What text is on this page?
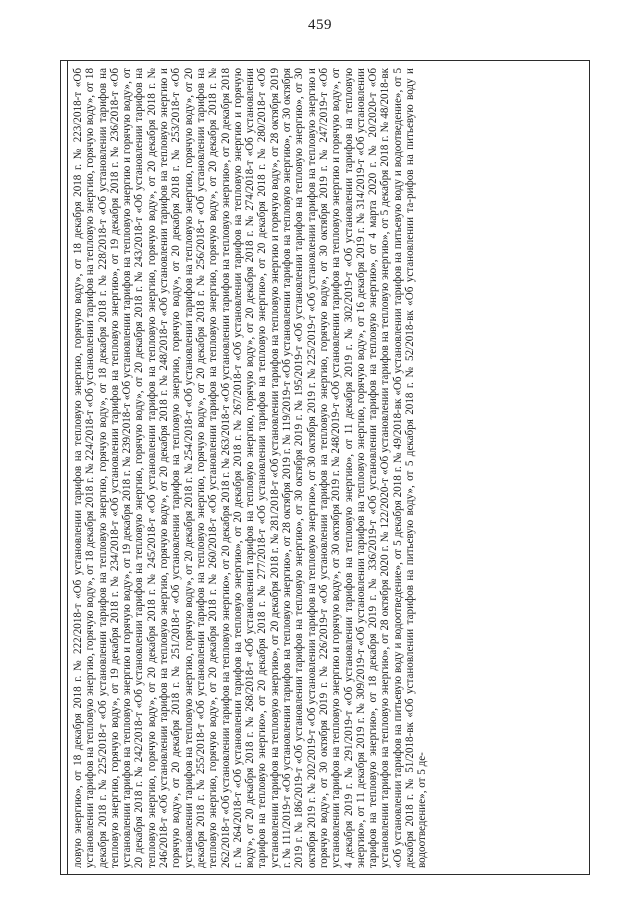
459

ловую энергию», от 18 декабря 2018 г. № 222/2018-т «Об установлении тарифов на тепловую энергию, горячую воду», от 18 декабря 2018 г. № 223/2018-т «Об установлении тарифов на тепловую энергию, горячую воду», от 18 декабря 2018 г. № 224/2018-т «Об установлении тарифов на тепловую энергию, горячую воду», от 18 декабря 2018 г. № 225/2018-т «Об установлении тарифов на тепловую энергию, горячую воду», от 18 декабря 2018 г. № 228/2018-т «Об установлении тарифов на тепловую энергию, горячую воду», от 19 декабря 2018 г. № 234/2018-т «Об установлении тарифов на тепловую энергию», от 19 декабря 2018 г. № 236/2018-т «Об установлении тарифов на тепловую энергию и горячую воду», от 19 декабря 2018 г. № 239/2018-т «Об установлении тарифов на тепловую энергию и горячую воду», от 20 декабря 2018 г. № 242/2018-т «Об установлении тарифов на тепловую энергию, горячую воду», от 20 декабря 2018 г. № 243/2018-т «Об установлении тарифов на тепловую энергию, горячую воду», от 20 декабря 2018 г. № 245/2018-т «Об установлении тарифов на тепловую энергию, горячую воду», от 20 декабря 2018 г. № 246/2018-т «Об установлении тарифов на тепловую энергию, горячую воду», от 20 декабря 2018 г. № 248/2018-т «Об установлении тарифов на тепловую энергию и горячую воду», от 20 декабря 2018 г. № 251/2018-т «Об установлении тарифов на тепловую энергию, горячую воду», от 20 декабря 2018 г. № 253/2018-т «Об установлении тарифов на тепловую энергию, горячую воду», от 20 декабря 2018 г. № 254/2018-т «Об установлении тарифов на тепловую энергию, горячую воду», от 20 декабря 2018 г. № 255/2018-т «Об установлении тарифов на тепловую энергию, горячую воду», от 20 декабря 2018 г. № 256/2018-т «Об установлении тарифов на тепловую энергию, горячую воду», от 20 декабря 2018 г. № 260/2018-т «Об установлении тарифов на тепловую энергию, горячую воду», от 20 декабря 2018 г. № 262/2018-т «Об установлении тарифов на тепловую энергию», от 20 декабря 2018 г. № 263/2018-т «Об установлении тарифов на тепловую энергию», от 20 декабря 2018 г. № 264/2018-т «Об установлении тарифов на тепловую энергию», от 20 декабря 2018 г. № 267/2018-т «Об установлении тарифов на тепловую энергию и горячую воду», от 20 декабря 2018 г. № 268/2018-т «Об установлении тарифов на тепловую энергию, горячую воду», от 20 декабря 2018 г. № 274/2018-т «Об установлении тарифов на тепловую энергию», от 20 декабря 2018 г. № 277/2018-т «Об установлении тарифов на тепловую энергию», от 20 декабря 2018 г. № 280/2018-т «Об установлении тарифов на тепловую энергию», от 20 декабря 2018 г. № 281/2018-т «Об установлении тарифов на тепловую энергию и горячую воду», от 28 октября 2019 г. № 111/2019-т «Об установлении тарифов на тепловую энергию», от 28 октября 2019 г. № 119/2019-т «Об установлении тарифов на тепловую энергию», от 30 октября 2019 г. № 186/2019-т «Об установлении тарифов на тепловую энергию», от 30 октября 2019 г. № 195/2019-т «Об установлении тарифов на тепловую энергию», от 30 октября 2019 г. № 202/2019-т «Об установлении тарифов на тепловую энергию», от 30 октября 2019 г. № 225/2019-т «Об установлении тарифов на тепловую энергию и горячую воду», от 30 октября 2019 г. № 226/2019-т «Об установлении тарифов на тепловую энергию, горячую воду», от 30 октября 2019 г. № 247/2019-т «Об установлении тарифов на тепловую энергию и горячую воду», от 30 октября 2019 г. № 248/2019-т «Об установлении тарифов на тепловую энергию и горячую воду», от 4 декабря 2019 г. № 291/2019-т «Об установлении тарифов на тепловую энергию», от 11 декабря 2019 г. № 302/2019-т «Об установлении тарифов на тепловую энергию», от 11 декабря 2019 г. № 309/2019-т «Об установлении тарифов на тепловую энергию, горячую воду», от 16 декабря 2019 г. № 314/2019-т «Об установлении тарифов на тепловую энергию», от 18 декабря 2019 г. № 336/2019-т «Об установлении тарифов на тепловую энергию», от 4 марта 2020 г. № 20/2020-т «Об установлении тарифов на тепловую энергию», от 28 октября 2020 г. № 122/2020-т «Об установлении тарифов на тепловую энергию», от 5 декабря 2018 г. № 48/2018-вк «Об установлении тарифов на питьевую воду и водоотведение», от 5 декабря 2018 г. № 49/2018-вк «Об установлении тарифов на питьевую воду и водоотведение», от 5 декабря 2018 г. № 51/2018-вк «Об установлении тарифов на питьевую воду», от 5 декабря 2018 г. № 52/2018-вк «Об установлении та-рифов на питьевую воду и водоотведение», от 5 де-
